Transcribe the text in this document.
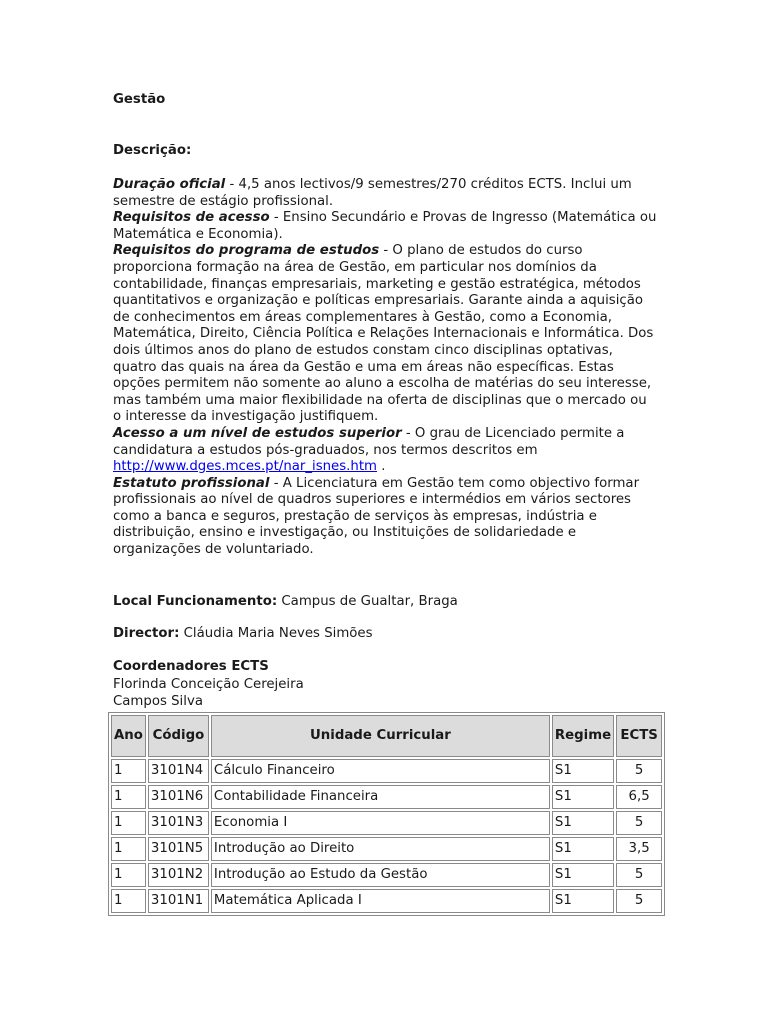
Gestão
Descrição:

Duração oficial - 4,5 anos lectivos/9 semestres/270 créditos ECTS. Inclui um semestre de estágio profissional.

Requisitos de acesso - Ensino Secundário e Provas de Ingresso (Matemática ou Matemática e Economia).

Requisitos do programa de estudos - O plano de estudos do curso proporciona formação na área de Gestão, em particular nos domínios da contabilidade, finanças empresariais, marketing e gestão estratégica, métodos quantitativos e organização e políticas empresariais. Garante ainda a aquisição de conhecimentos em áreas complementares à Gestão, como a Economia, Matemática, Direito, Ciência Política e Relações Internacionais e Informática. Dos dois últimos anos do plano de estudos constam cinco disciplinas optativas, quatro das quais na área da Gestão e uma em áreas não específicas. Estas opções permitem não somente ao aluno a escolha de matérias do seu interesse, mas também uma maior flexibilidade na oferta de disciplinas que o mercado ou o interesse da investigação justifiquem.

Acesso a um nível de estudos superior - O grau de Licenciado permite a candidatura a estudos pós-graduados, nos termos descritos em http://www.dges.mces.pt/nar_isnes.htm .

Estatuto profissional - A Licenciatura em Gestão tem como objectivo formar profissionais ao nível de quadros superiores e intermédios em vários sectores como a banca e seguros, prestação de serviços às empresas, indústria e distribuição, ensino e investigação, ou Instituições de solidariedade e organizações de voluntariado.

Local Funcionamento: Campus de Gualtar, Braga
Director: Cláudia Maria Neves Simões
Coordenadores ECTS
Florinda Conceição Cerejeira
Campos Silva
Ano	Código	Unidade Curricular	Regime	ECTS
1	3101N4	Cálculo Financeiro	S1	5
1	3101N6	Contabilidade Financeira	S1	6,5
1	3101N3	Economia I	S1	5
1	3101N5	Introdução ao Direito	S1	3,5
1	3101N2	Introdução ao Estudo da Gestão	S1	5
1	3101N1	Matemática Aplicada I	S1	5
